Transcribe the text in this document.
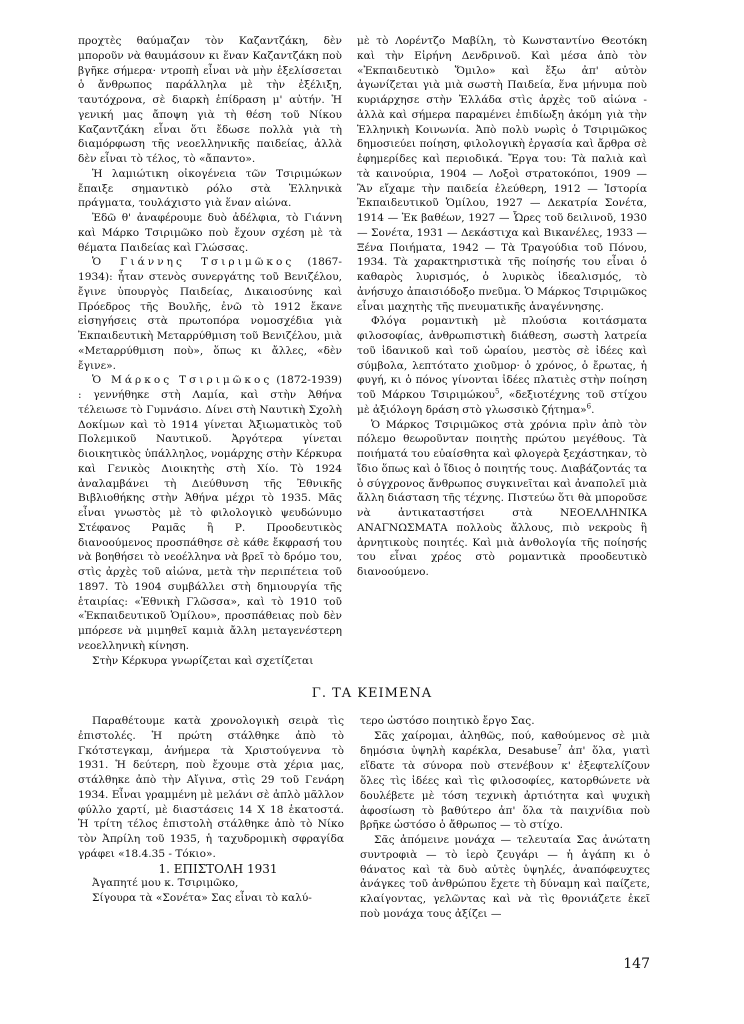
προχτὲς θαύμαζαν τὸν Καζαντζάκη, δὲν μποροῦν νὰ θαυμάσουν κι ἕναν Καζαντζάκη ποὺ βγῆκε σήμερα· ντροπὴ εἶναι νὰ μὴν ἐξελίσσεται ὁ ἄνθρωπος παράλληλα μὲ τὴν ἐξέλιξη, ταυτόχρονα, σὲ διαρκὴ ἐπίδραση μ' αὐτήν. Ἡ γενική μας ἄποψη γιὰ τὴ θέση τοῦ Νίκου Καζαντζάκη εἶναι ὅτι ἔδωσε πολλὰ γιὰ τὴ διαμόρφωση τῆς νεοελληνικῆς παιδείας, ἀλλὰ δὲν εἶναι τὸ τέλος, τὸ «ἄπαντο».

Ἡ λαμιώτικη οἰκογένεια τῶν Τσιριμώκων ἔπαιξε σημαντικὸ ρόλο στὰ Ἑλληνικὰ πράγματα, τουλάχιστο γιὰ ἕναν αἰώνα.

Ἐδῶ θ' ἀναφέρουμε δυὸ ἀδέλφια, τὸ Γιάννη καὶ Μάρκο Τσιριμῶκο ποὺ ἔχουν σχέση μὲ τὰ θέματα Παιδείας καὶ Γλώσσας.

Ὁ Γιάννης Τσιριμῶκος (1867-1934): ἦταν στενὸς συνεργάτης τοῦ Βενιζέλου, ἔγινε ὑπουργὸς Παιδείας, Δικαιοσύνης καὶ Πρόεδρος τῆς Βουλῆς, ἐνῶ τὸ 1912 ἔκανε εἰσηγήσεις στὰ πρωτοπόρα νομοσχέδια γιὰ Ἐκπαιδευτικὴ Μεταρρύθμιση τοῦ Βενιζέλου, μιὰ «Μεταρρύθμιση ποὺ», ὅπως κι ἄλλες, «δὲν ἔγινε».

Ὁ Μάρκος Τσιριμῶκος (1872-1939) : γεννήθηκε στὴ Λαμία, καὶ στὴν Ἀθήνα τέλειωσε τὸ Γυμνάσιο. Δίνει στὴ Ναυτικὴ Σχολὴ Δοκίμων καὶ τὸ 1914 γίνεται Ἀξιωματικὸς τοῦ Πολεμικοῦ Ναυτικοῦ. Ἀργότερα γίνεται διοικητικὸς ὑπάλληλος, νομάρχης στὴν Κέρκυρα καὶ Γενικὸς Διοικητὴς στὴ Χίο. Τὸ 1924 ἀναλαμβάνει τὴ Διεύθυνση τῆς Ἐθνικῆς Βιβλιοθήκης στὴν Ἀθήνα μέχρι τὸ 1935. Μᾶς εἶναι γνωστὸς μὲ τὸ φιλολογικὸ ψευδώνυμο Στέφανος Ραμᾶς ἢ Ρ. Προοδευτικὸς διανοούμενος προσπάθησε σὲ κάθε ἔκφρασή του νὰ βοηθήσει τὸ νεοέλληνα νὰ βρεῖ τὸ δρόμο του, στὶς ἀρχὲς τοῦ αἰώνα, μετὰ τὴν περιπέτεια τοῦ 1897. Τὸ 1904 συμβάλλει στὴ δημιουργία τῆς ἑταιρίας: «Ἐθνικὴ Γλῶσσα», καὶ τὸ 1910 τοῦ «Ἐκπαιδευτικοῦ Ὁμίλου», προσπάθειας ποὺ δὲν μπόρεσε νὰ μιμηθεῖ καμιὰ ἄλλη μεταγενέστερη νεοελληνικὴ κίνηση.

Στὴν Κέρκυρα γνωρίζεται καὶ σχετίζεται

μὲ τὸ Λορέντζο Μαβίλη, τὸ Κωνσταντίνο Θεοτόκη καὶ τὴν Εἰρήνη Δενδρινοῦ. Καὶ μέσα ἀπὸ τὸν «Ἐκπαιδευτικὸ Ὅμιλο» καὶ ἔξω ἀπ' αὐτὸν ἀγωνίζεται γιὰ μιὰ σωστὴ Παιδεία, ἕνα μήνυμα ποὺ κυριάρχησε στὴν Ἑλλάδα στὶς ἀρχὲς τοῦ αἰώνα - ἀλλὰ καὶ σήμερα παραμένει ἐπιδίωξη ἀκόμη γιὰ τὴν Ἑλληνικὴ Κοινωνία. Ἀπὸ πολὺ νωρὶς ὁ Τσιριμῶκος δημοσιεύει ποίηση, φιλολογικὴ ἐργασία καὶ ἄρθρα σὲ ἐφημερίδες καὶ περιοδικά. Ἔργα του: Τὰ παλιὰ καὶ τὰ καινούρια, 1904 — Λοξοὶ στρατοκόποι, 1909 — Ἂν εἴχαμε τὴν παιδεία ἐλεύθερη, 1912 — Ἱστορία Ἐκπαιδευτικοῦ Ὁμίλου, 1927 — Δεκατρία Σονέτα, 1914 — Ἐκ βαθέων, 1927 — Ὧρες τοῦ δειλινοῦ, 1930 — Σονέτα, 1931 — Δεκάστιχα καὶ Βικανέλες, 1933 — Ξένα Ποιήματα, 1942 — Τὰ Τραγούδια τοῦ Πόνου, 1934. Τὰ χαρακτηριστικὰ τῆς ποίησής του εἶναι ὁ καθαρὸς λυρισμός, ὁ λυρικὸς ἰδεαλισμός, τὸ ἀνήσυχο ἀπαισιόδοξο πνεῦμα. Ὁ Μάρκος Τσιριμῶκος εἶναι μαχητὴς τῆς πνευματικῆς ἀναγέννησης.

Φλόγα ρομαντικὴ μὲ πλούσια κοιτάσματα φιλοσοφίας, ἀνθρωπιστικὴ διάθεση, σωστὴ λατρεία τοῦ ἰδανικοῦ καὶ τοῦ ὡραίου, μεστὸς σὲ ἰδέες καὶ σύμβολα, λεπτότατο χιοῦμορ· ὁ χρόνος, ὁ ἔρωτας, ἡ φυγή, κι ὁ πόνος γίνονται ἰδέες πλατιὲς στὴν ποίηση τοῦ Μάρκου Τσιριμώκου$^5$, «δεξιοτέχνης τοῦ στίχου μὲ ἀξιόλογη δράση στὸ γλωσσικὸ ζήτημα»$^6$.

Ὁ Μάρκος Τσιριμῶκος στὰ χρόνια πρὶν ἀπὸ τὸν πόλεμο θεωροῦνταν ποιητὴς πρώτου μεγέθους. Τὰ ποιήματά του εὐαίσθητα καὶ φλογερὰ ξεχάστηκαν, τὸ ἴδιο ὅπως καὶ ὁ ἴδιος ὁ ποιητής τους. Διαβάζοντάς τα ὁ σύγχρονος ἄνθρωπος συγκινεῖται καὶ ἀναπολεῖ μιὰ ἄλλη διάσταση τῆς τέχνης. Πιστεύω ὅτι θὰ μποροῦσε νὰ ἀντικαταστήσει στὰ ΝΕΟΕΛΛΗΝΙΚΑ ΑΝΑΓΝΩΣΜΑΤΑ πολλοὺς ἄλλους, πιὸ νεκροὺς ἢ ἀρνητικοὺς ποιητές. Καὶ μιὰ ἀνθολογία τῆς ποίησής του εἶναι χρέος στὸ ρομαντικὰ προοδευτικὸ διανοούμενο.

Γ. ΤΑ ΚΕΙΜΕΝΑ

Παραθέτουμε κατὰ χρονολογικὴ σειρὰ τὶς ἐπιστολές. Ἡ πρώτη στάλθηκε ἀπὸ τὸ Γκότστεγκαμ, ἀνήμερα τὰ Χριστούγεννα τὸ 1931. Ἡ δεύτερη, ποὺ ἔχουμε στὰ χέρια μας, στάλθηκε ἀπὸ τὴν Αἴγινα, στὶς 29 τοῦ Γενάρη 1934. Εἶναι γραμμένη μὲ μελάνι σὲ ἁπλὸ μᾶλλον φύλλο χαρτί, μὲ διαστάσεις 14 Χ 18 ἑκατοστά. Ἡ τρίτη τέλος ἐπιστολὴ στάλθηκε ἀπὸ τὸ Νίκο τὸν Ἀπρίλη τοῦ 1935, ἡ ταχυδρομικὴ σφραγίδα γράφει «18.4.35 - Τόκιο».

1. ΕΠΙΣΤΟΛΗ 1931

Ἀγαπητέ μου κ. Τσιριμῶκο,

Σίγουρα τὰ «Σονέτα» Σας εἶναι τὸ καλύ-

τερο ὡστόσο ποιητικὸ ἔργο Σας.

Σᾶς χαίρομαι, ἀληθῶς, πού, καθούμενος σὲ μιὰ δημόσια ὑψηλὴ καρέκλα, Desabuse$^7$ ἀπ' ὅλα, γιατὶ εἴδατε τὰ σύνορα ποὺ στενέβουν κ' ἐξεφτελίζουν ὅλες τὶς ἰδέες καὶ τὶς φιλοσοφίες, κατορθώνετε νὰ δουλέβετε μὲ τόση τεχνικὴ ἀρτιότητα καὶ ψυχικὴ ἀφοσίωση τὸ βαθύτερο ἀπ' ὅλα τὰ παιχνίδια ποὺ βρῆκε ὡστόσο ὁ ἄθρωπος — τὸ στίχο.

Σᾶς ἀπόμεινε μονάχα — τελευταία Σας ἀνώτατη συντροφιὰ — τὸ ἱερὸ ζευγάρι — ἡ ἀγάπη κι ὁ θάνατος καὶ τὰ δυὸ αὐτὲς ὑψηλές, ἀναπόφευχτες ἀνάγκες τοῦ ἀνθρώπου ἔχετε τὴ δύναμη καὶ παίζετε, κλαίγοντας, γελῶντας καὶ νὰ τὶς θρονιάζετε ἐκεῖ ποὺ μονάχα τους ἀξίζει —

147
